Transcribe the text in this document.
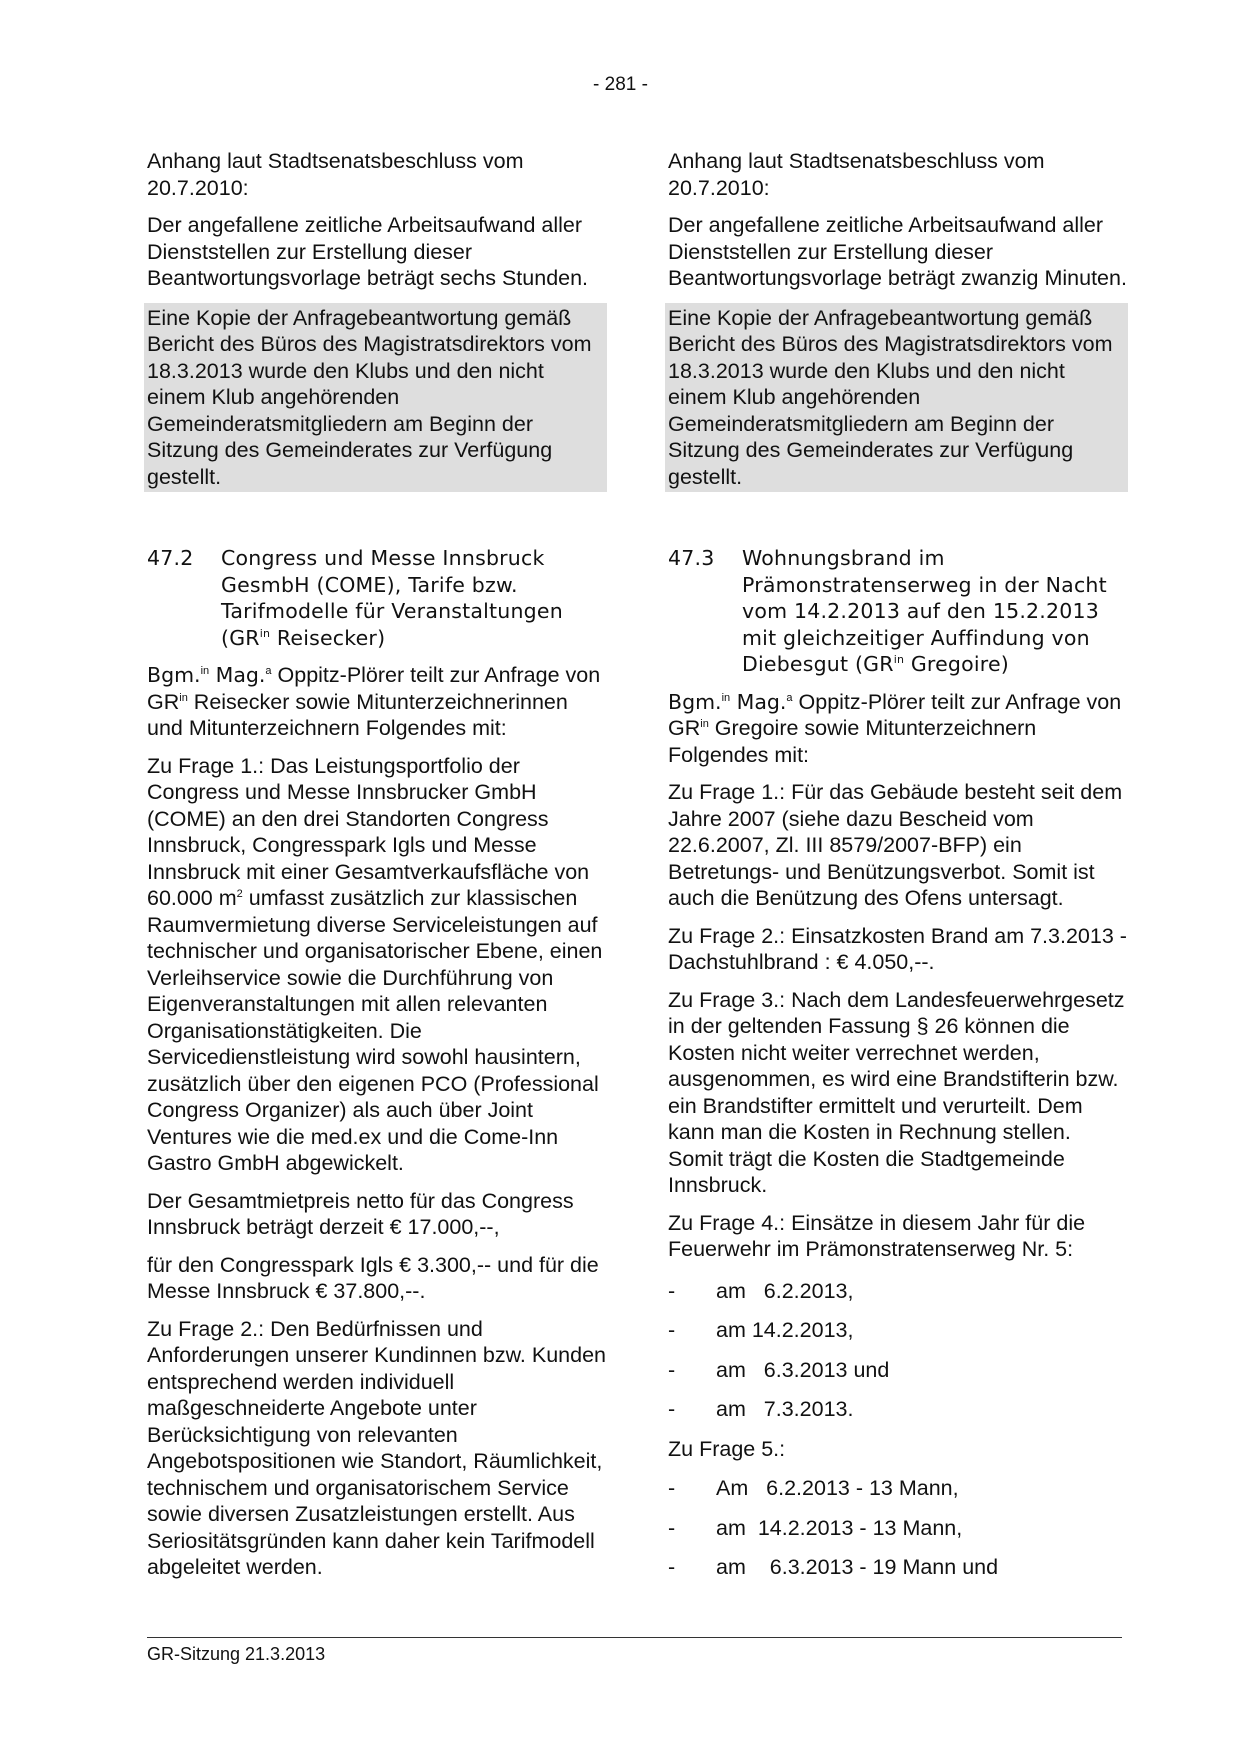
- 281 -

Anhang laut Stadtsenatsbeschluss vom 20.7.2010:

Der angefallene zeitliche Arbeitsaufwand aller Dienststellen zur Erstellung dieser Beantwortungsvorlage beträgt sechs Stunden.

Eine Kopie der Anfragebeantwortung gemäß Bericht des Büros des Magistratsdirektors vom 18.3.2013 wurde den Klubs und den nicht einem Klub angehörenden Gemeinderatsmitgliedern am Beginn der Sitzung des Gemeinderates zur Verfügung gestellt.
47.2	Congress und Messe Innsbruck GesmbH (COME), Tarife bzw. Tarifmodelle für Veranstaltungen ($GR^{in}$ Reisecker)

Bgm.$^{in}$ Mag.$^a$ Oppitz-Plörer teilt zur Anfrage von $GR^{in}$ Reisecker sowie Mitunterzeichnerinnen und Mitunterzeichnern Folgendes mit:

Zu Frage 1.: Das Leistungsportfolio der Congress und Messe Innsbrucker GmbH (COME) an den drei Standorten Congress Innsbruck, Congresspark Igls und Messe Innsbruck mit einer Gesamtverkaufsfläche von 60.000 $m^2$ umfasst zusätzlich zur klassischen Raumvermietung diverse Serviceleistungen auf technischer und organisatorischer Ebene, einen Verleihservice sowie die Durchführung von Eigenveranstaltungen mit allen relevanten Organisationstätigkeiten. Die Servicedienstleistung wird sowohl hausintern, zusätzlich über den eigenen PCO (Professional Congress Organizer) als auch über Joint Ventures wie die med.ex und die Come-Inn Gastro GmbH abgewickelt.

Der Gesamtmietpreis netto für das Congress Innsbruck beträgt derzeit € 17.000,--,

für den Congresspark Igls € 3.300,-- und für die Messe Innsbruck € 37.800,--.

Zu Frage 2.: Den Bedürfnissen und Anforderungen unserer Kundinnen bzw. Kunden entsprechend werden individuell maßgeschneiderte Angebote unter Berücksichtigung von relevanten Angebotspositionen wie Standort, Räumlichkeit, technischem und organisatorischem Service sowie diversen Zusatzleistungen erstellt. Aus Seriositätsgründen kann daher kein Tarifmodell abgeleitet werden.

Anhang laut Stadtsenatsbeschluss vom 20.7.2010:

Der angefallene zeitliche Arbeitsaufwand aller Dienststellen zur Erstellung dieser Beantwortungsvorlage beträgt zwanzig Minuten.

Eine Kopie der Anfragebeantwortung gemäß Bericht des Büros des Magistratsdirektors vom 18.3.2013 wurde den Klubs und den nicht einem Klub angehörenden Gemeinderatsmitgliedern am Beginn der Sitzung des Gemeinderates zur Verfügung gestellt.
47.3	Wohnungsbrand im Prämonstratenserweg in der Nacht vom 14.2.2013 auf den 15.2.2013 mit gleichzeitiger Auffindung von Diebesgut ($GR^{in}$ Gregoire)

Bgm.$^{in}$ Mag.$^a$ Oppitz-Plörer teilt zur Anfrage von $GR^{in}$ Gregoire sowie Mitunterzeichnern Folgendes mit:

Zu Frage 1.: Für das Gebäude besteht seit dem Jahre 2007 (siehe dazu Bescheid vom 22.6.2007, Zl. III 8579/2007-BFP) ein Betretungs- und Benützungsverbot. Somit ist auch die Benützung des Ofens untersagt.

Zu Frage 2.: Einsatzkosten Brand am 7.3.2013 - Dachstuhlbrand : € 4.050,--.

Zu Frage 3.: Nach dem Landesfeuerwehrgesetz in der geltenden Fassung § 26 können die Kosten nicht weiter verrechnet werden, ausgenommen, es wird eine Brandstifterin bzw. ein Brandstifter ermittelt und verurteilt. Dem kann man die Kosten in Rechnung stellen. Somit trägt die Kosten die Stadtgemeinde Innsbruck.

Zu Frage 4.: Einsätze in diesem Jahr für die Feuerwehr im Prämonstratenserweg Nr. 5:

-	am   6.2.2013,
-	am 14.2.2013,
-	am   6.3.2013 und
-	am   7.3.2013.

Zu Frage 5.:

-	Am   6.2.2013 - 13 Mann,
-	am  14.2.2013 - 13 Mann,
-	am    6.3.2013 - 19 Mann und
GR-Sitzung 21.3.2013
